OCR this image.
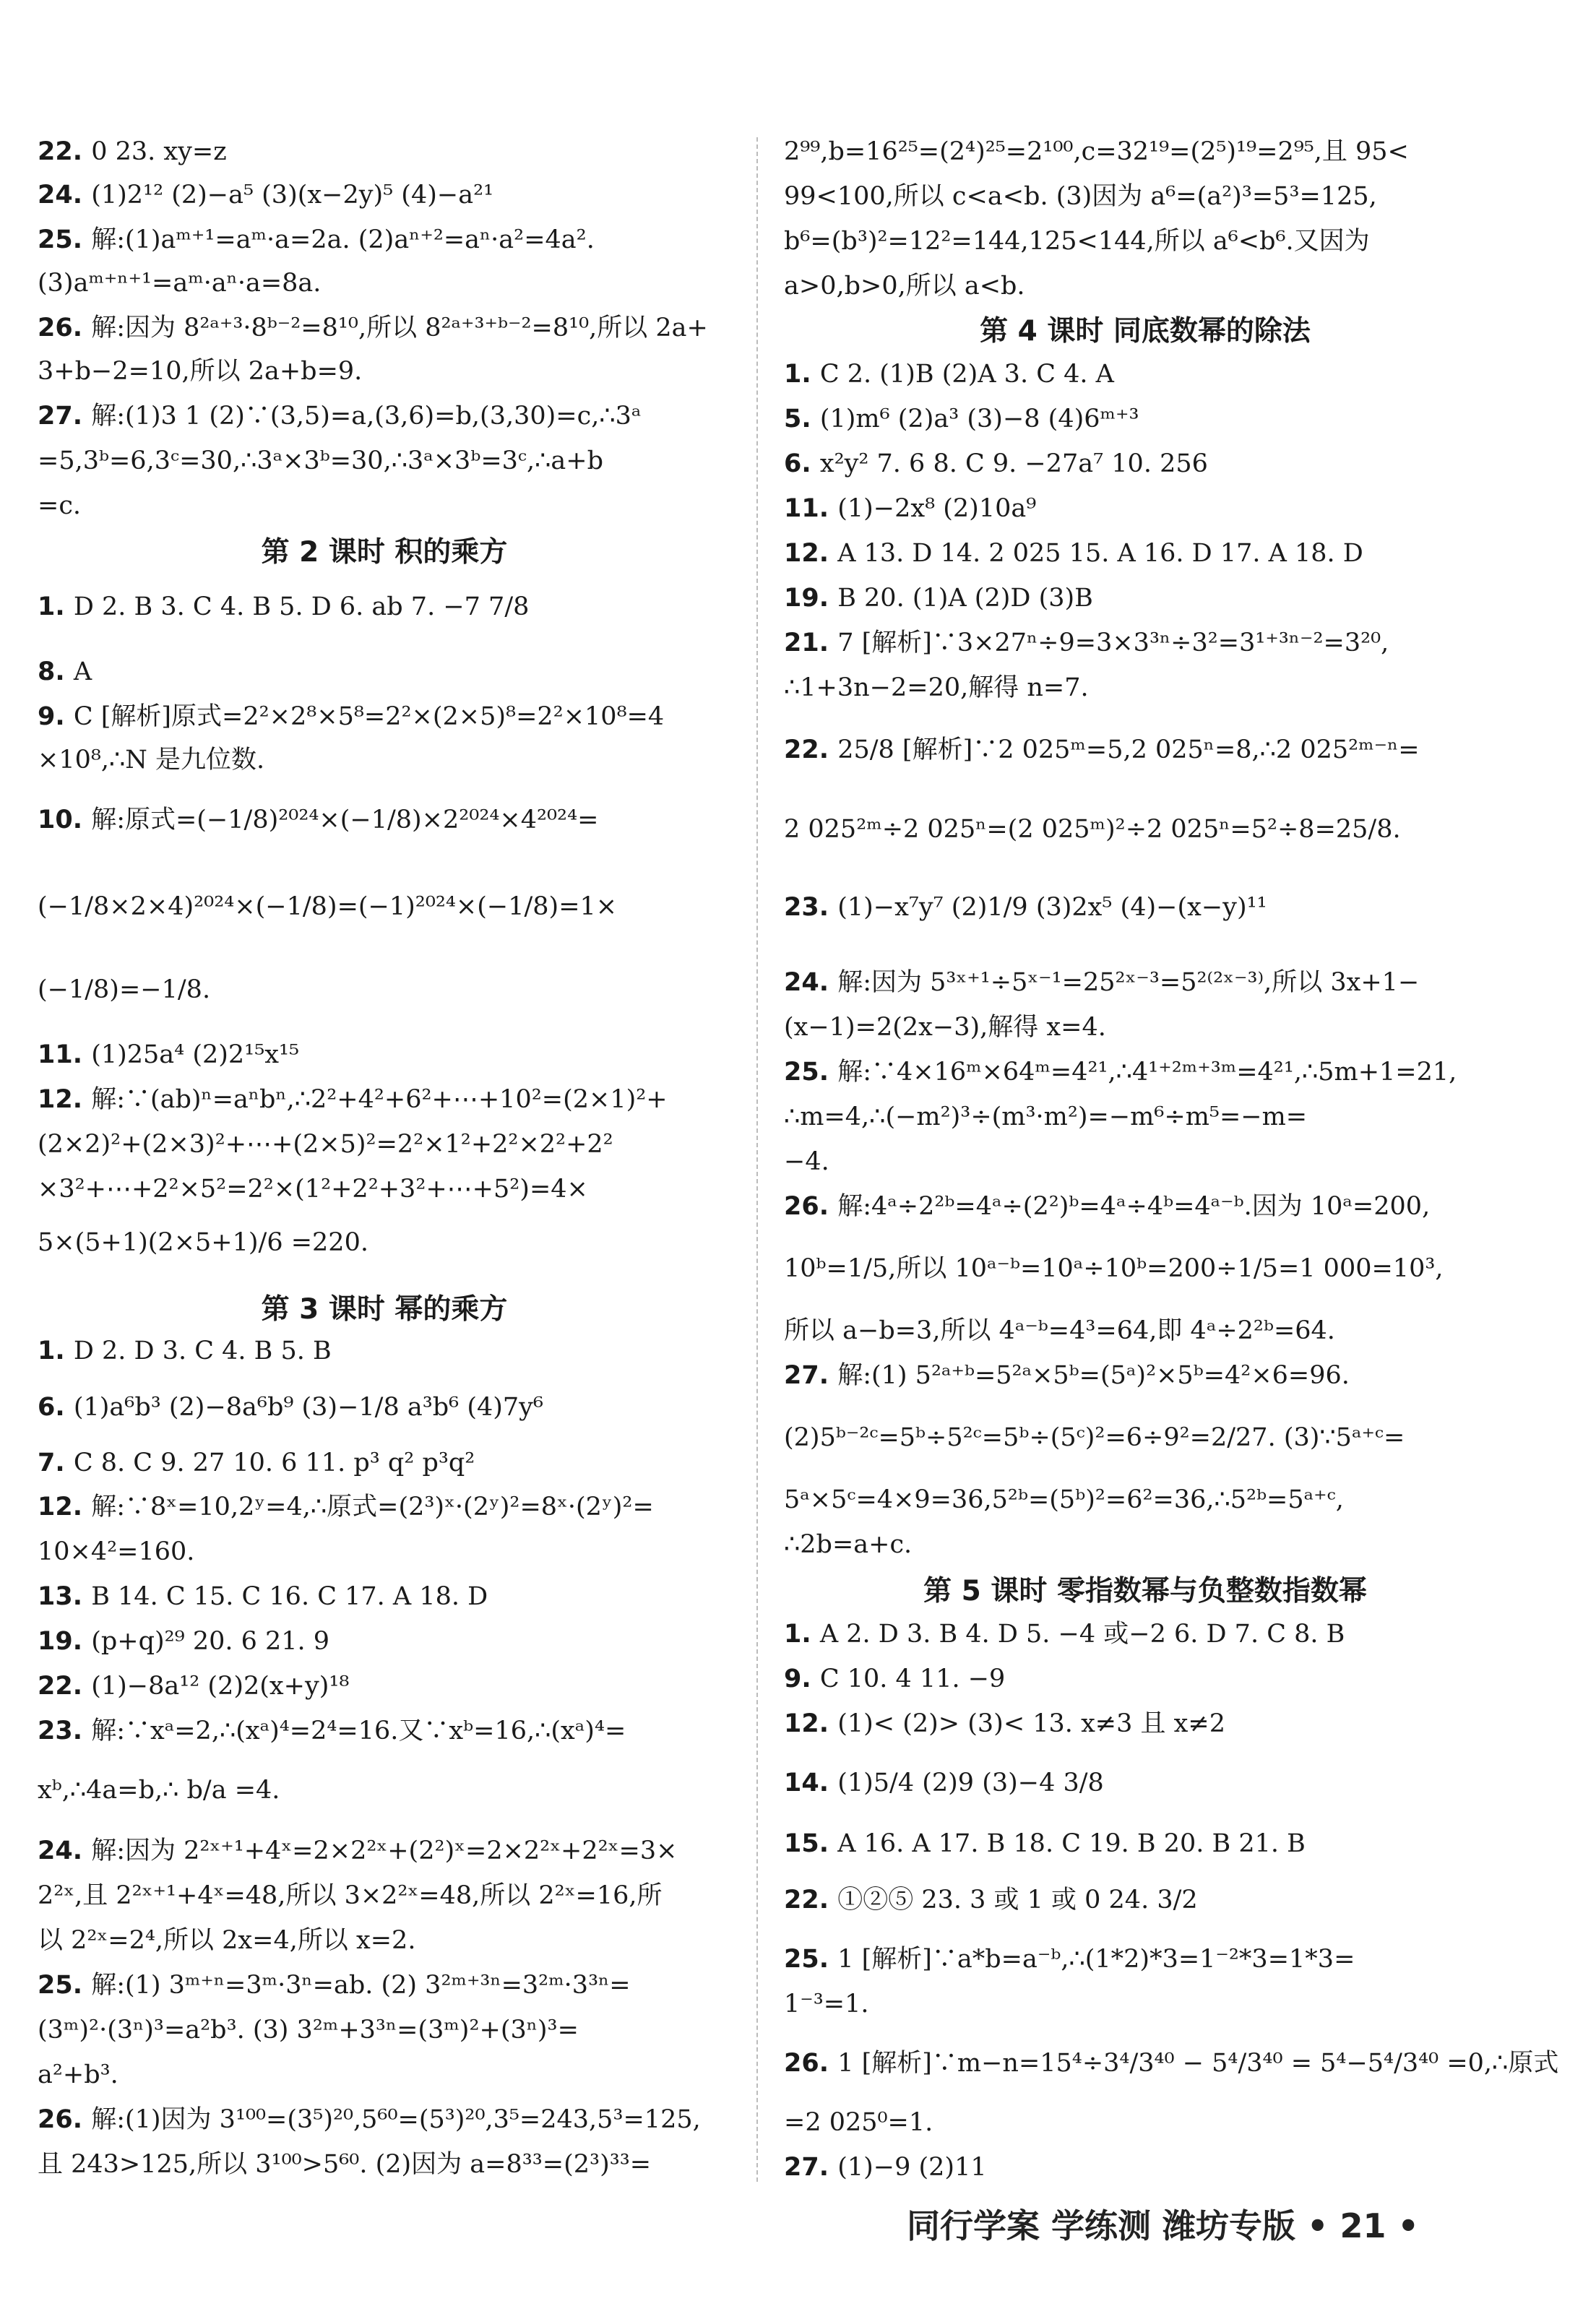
22. 0 23. xy=z
24. (1)2¹² (2)−a⁵ (3)(x−2y)⁵ (4)−a²¹
25. 解:(1)aᵐ⁺¹=aᵐ·a=2a. (2)aⁿ⁺²=aⁿ·a²=4a².
(3)aᵐ⁺ⁿ⁺¹=aᵐ·aⁿ·a=8a.
26. 解:因为 8²ᵃ⁺³·8ᵇ⁻²=8¹⁰,所以 8²ᵃ⁺³⁺ᵇ⁻²=8¹⁰,所以 2a+
3+b−2=10,所以 2a+b=9.
27. 解:(1)3 1 (2)∵(3,5)=a,(3,6)=b,(3,30)=c,∴3ᵃ
=5,3ᵇ=6,3ᶜ=30,∴3ᵃ×3ᵇ=30,∴3ᵃ×3ᵇ=3ᶜ,∴a+b
=c.
第 2 课时 积的乘方
1. D 2. B 3. C 4. B 5. D 6. ab 7. −7 7/8
8. A
9. C [解析]原式=2²×2⁸×5⁸=2²×(2×5)⁸=2²×10⁸=4
×10⁸,∴N 是九位数.
10. 解:原式=(−1/8)²⁰²⁴×(−1/8)×2²⁰²⁴×4²⁰²⁴=
(−1/8×2×4)²⁰²⁴×(−1/8)=(−1)²⁰²⁴×(−1/8)=1×
(−1/8)=−1/8.
11. (1)25a⁴ (2)2¹⁵x¹⁵
12. 解:∵(ab)ⁿ=aⁿbⁿ,∴2²+4²+6²+⋯+10²=(2×1)²+
(2×2)²+(2×3)²+⋯+(2×5)²=2²×1²+2²×2²+2²
×3²+⋯+2²×5²=2²×(1²+2²+3²+⋯+5²)=4×
5×(5+1)(2×5+1)/6 =220.
第 3 课时 幂的乘方
1. D 2. D 3. C 4. B 5. B
6. (1)a⁶b³ (2)−8a⁶b⁹ (3)−1/8 a³b⁶ (4)7y⁶
7. C 8. C 9. 27 10. 6 11. p³ q² p³q²
12. 解:∵8ˣ=10,2ʸ=4,∴原式=(2³)ˣ·(2ʸ)²=8ˣ·(2ʸ)²=
10×4²=160.
13. B 14. C 15. C 16. C 17. A 18. D
19. (p+q)²⁹ 20. 6 21. 9
22. (1)−8a¹² (2)2(x+y)¹⁸
23. 解:∵xᵃ=2,∴(xᵃ)⁴=2⁴=16.又∵xᵇ=16,∴(xᵃ)⁴=
xᵇ,∴4a=b,∴ b/a =4.
24. 解:因为 2²ˣ⁺¹+4ˣ=2×2²ˣ+(2²)ˣ=2×2²ˣ+2²ˣ=3×
2²ˣ,且 2²ˣ⁺¹+4ˣ=48,所以 3×2²ˣ=48,所以 2²ˣ=16,所
以 2²ˣ=2⁴,所以 2x=4,所以 x=2.
25. 解:(1) 3ᵐ⁺ⁿ=3ᵐ·3ⁿ=ab. (2) 3²ᵐ⁺³ⁿ=3²ᵐ·3³ⁿ=
(3ᵐ)²·(3ⁿ)³=a²b³. (3) 3²ᵐ+3³ⁿ=(3ᵐ)²+(3ⁿ)³=
a²+b³.
26. 解:(1)因为 3¹⁰⁰=(3⁵)²⁰,5⁶⁰=(5³)²⁰,3⁵=243,5³=125,
且 243>125,所以 3¹⁰⁰>5⁶⁰. (2)因为 a=8³³=(2³)³³=
2⁹⁹,b=16²⁵=(2⁴)²⁵=2¹⁰⁰,c=32¹⁹=(2⁵)¹⁹=2⁹⁵,且 95<
99<100,所以 c<a<b. (3)因为 a⁶=(a²)³=5³=125,
b⁶=(b³)²=12²=144,125<144,所以 a⁶<b⁶.又因为
a>0,b>0,所以 a<b.
第 4 课时 同底数幂的除法
1. C 2. (1)B (2)A 3. C 4. A
5. (1)m⁶ (2)a³ (3)−8 (4)6ᵐ⁺³
6. x²y² 7. 6 8. C 9. −27a⁷ 10. 256
11. (1)−2x⁸ (2)10a⁹
12. A 13. D 14. 2 025 15. A 16. D 17. A 18. D
19. B 20. (1)A (2)D (3)B
21. 7 [解析]∵3×27ⁿ÷9=3×3³ⁿ÷3²=3¹⁺³ⁿ⁻²=3²⁰,
∴1+3n−2=20,解得 n=7.
22. 25/8 [解析]∵2 025ᵐ=5,2 025ⁿ=8,∴2 025²ᵐ⁻ⁿ=
2 025²ᵐ÷2 025ⁿ=(2 025ᵐ)²÷2 025ⁿ=5²÷8=25/8.
23. (1)−x⁷y⁷ (2)1/9 (3)2x⁵ (4)−(x−y)¹¹
24. 解:因为 5³ˣ⁺¹÷5ˣ⁻¹=25²ˣ⁻³=5²⁽²ˣ⁻³⁾,所以 3x+1−
(x−1)=2(2x−3),解得 x=4.
25. 解:∵4×16ᵐ×64ᵐ=4²¹,∴4¹⁺²ᵐ⁺³ᵐ=4²¹,∴5m+1=21,
∴m=4,∴(−m²)³÷(m³·m²)=−m⁶÷m⁵=−m=
−4.
26. 解:4ᵃ÷2²ᵇ=4ᵃ÷(2²)ᵇ=4ᵃ÷4ᵇ=4ᵃ⁻ᵇ.因为 10ᵃ=200,
10ᵇ=1/5,所以 10ᵃ⁻ᵇ=10ᵃ÷10ᵇ=200÷1/5=1 000=10³,
所以 a−b=3,所以 4ᵃ⁻ᵇ=4³=64,即 4ᵃ÷2²ᵇ=64.
27. 解:(1) 5²ᵃ⁺ᵇ=5²ᵃ×5ᵇ=(5ᵃ)²×5ᵇ=4²×6=96.
(2)5ᵇ⁻²ᶜ=5ᵇ÷5²ᶜ=5ᵇ÷(5ᶜ)²=6÷9²=2/27. (3)∵5ᵃ⁺ᶜ=
5ᵃ×5ᶜ=4×9=36,5²ᵇ=(5ᵇ)²=6²=36,∴5²ᵇ=5ᵃ⁺ᶜ,
∴2b=a+c.
第 5 课时 零指数幂与负整数指数幂
1. A 2. D 3. B 4. D 5. −4 或−2 6. D 7. C 8. B
9. C 10. 4 11. −9
12. (1)< (2)> (3)< 13. x≠3 且 x≠2
14. (1)5/4 (2)9 (3)−4 3/8
15. A 16. A 17. B 18. C 19. B 20. B 21. B
22. ①②⑤ 23. 3 或 1 或 0 24. 3/2
25. 1 [解析]∵a*b=a⁻ᵇ,∴(1*2)*3=1⁻²*3=1*3=
1⁻³=1.
26. 1 [解析]∵m−n=15⁴÷3⁴/3⁴⁰ − 5⁴/3⁴⁰ = 5⁴−5⁴/3⁴⁰ =0,∴原式
=2 025⁰=1.
27. (1)−9 (2)11
同行学案 学练测 潍坊专版 • 21 •
